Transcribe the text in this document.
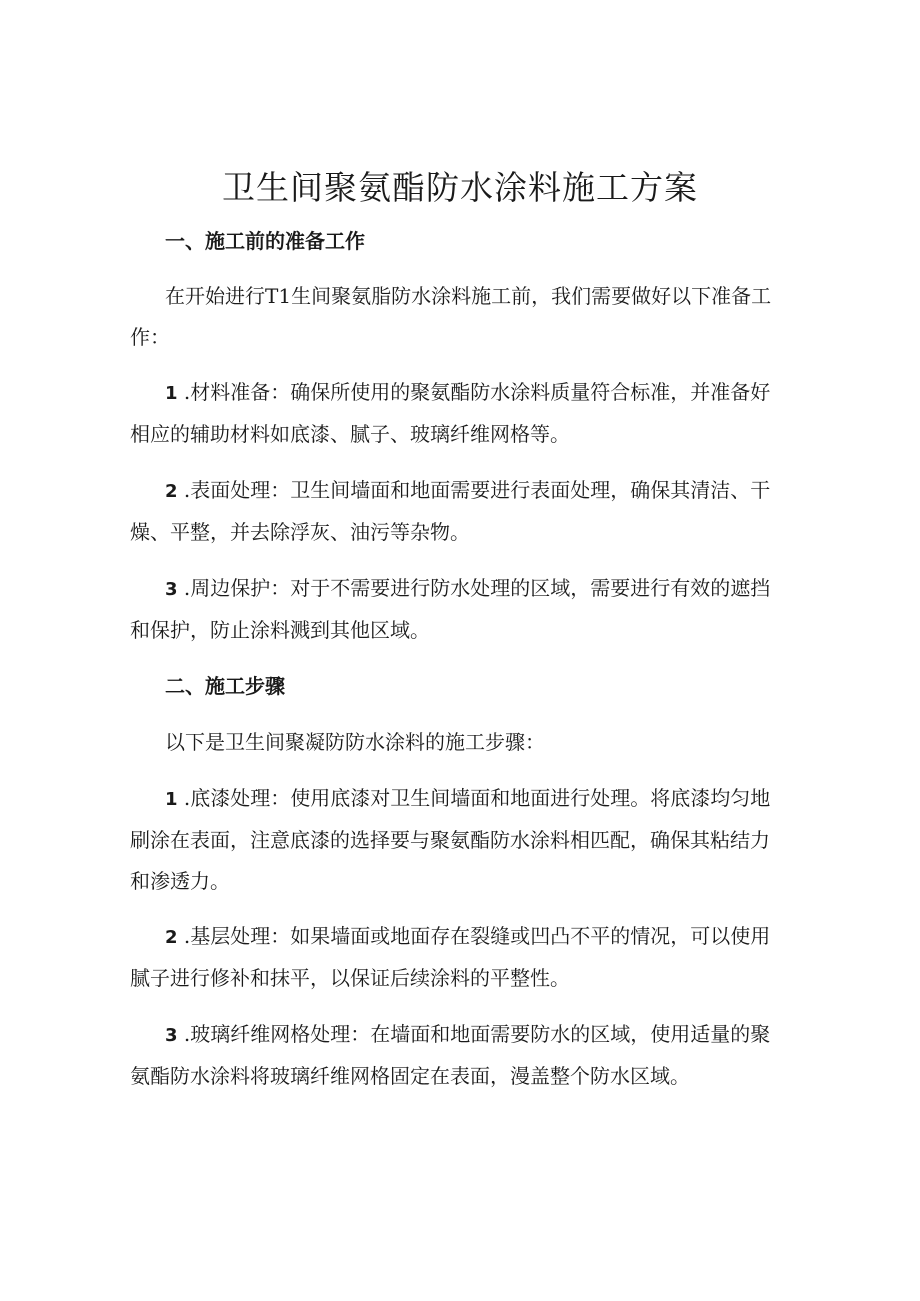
卫生间聚氨酯防水涂料施工方案
一、施工前的准备工作

在开始进行T1生间聚氨脂防水涂料施工前，我们需要做好以下准备工
作：

1 .材料准备：确保所使用的聚氨酯防水涂料质量符合标准，并准备好
相应的辅助材料如底漆、腻子、玻璃纤维网格等。

2 .表面处理：卫生间墙面和地面需要进行表面处理，确保其清洁、干
燥、平整，并去除浮灰、油污等杂物。

3 .周边保护：对于不需要进行防水处理的区域，需要进行有效的遮挡
和保护，防止涂料溅到其他区域。

二、施工步骤

以下是卫生间聚凝防防水涂料的施工步骤：

1 .底漆处理：使用底漆对卫生间墙面和地面进行处理。将底漆均匀地
刷涂在表面，注意底漆的选择要与聚氨酯防水涂料相匹配，确保其粘结力
和渗透力。

2 .基层处理：如果墙面或地面存在裂缝或凹凸不平的情况，可以使用
腻子进行修补和抹平，以保证后续涂料的平整性。

3 .玻璃纤维网格处理：在墙面和地面需要防水的区域，使用适量的聚
氨酯防水涂料将玻璃纤维网格固定在表面，漫盖整个防水区域。
